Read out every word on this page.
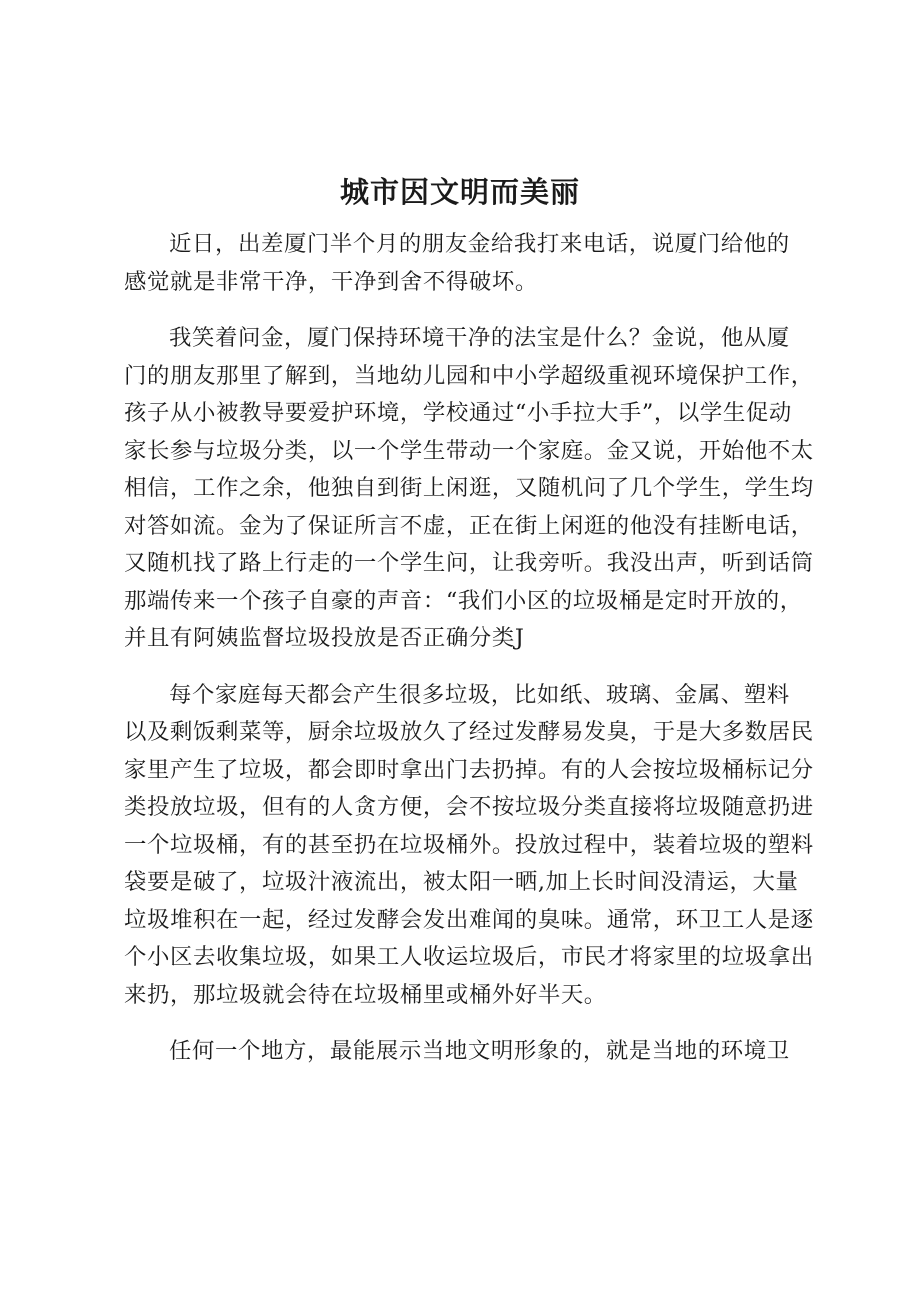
城市因文明而美丽

近日，出差厦门半个月的朋友金给我打来电话，说厦门给他的
感觉就是非常干净，干净到舍不得破坏。

我笑着问金，厦门保持环境干净的法宝是什么？金说，他从厦
门的朋友那里了解到，当地幼儿园和中小学超级重视环境保护工作，
孩子从小被教导要爱护环境，学校通过“小手拉大手”，以学生促动
家长参与垃圾分类，以一个学生带动一个家庭。金又说，开始他不太
相信，工作之余，他独自到街上闲逛，又随机问了几个学生，学生均
对答如流。金为了保证所言不虚，正在街上闲逛的他没有挂断电话，
又随机找了路上行走的一个学生问，让我旁听。我没出声，听到话筒
那端传来一个孩子自豪的声音：“我们小区的垃圾桶是定时开放的，
并且有阿姨监督垃圾投放是否正确分类J

每个家庭每天都会产生很多垃圾，比如纸、玻璃、金属、塑料
以及剩饭剩菜等，厨余垃圾放久了经过发酵易发臭，于是大多数居民
家里产生了垃圾，都会即时拿出门去扔掉。有的人会按垃圾桶标记分
类投放垃圾，但有的人贪方便，会不按垃圾分类直接将垃圾随意扔进
一个垃圾桶，有的甚至扔在垃圾桶外。投放过程中，装着垃圾的塑料
袋要是破了，垃圾汁液流出，被太阳一晒,加上长时间没清运，大量
垃圾堆积在一起，经过发酵会发出难闻的臭味。通常，环卫工人是逐
个小区去收集垃圾，如果工人收运垃圾后，市民才将家里的垃圾拿出
来扔，那垃圾就会待在垃圾桶里或桶外好半天。

任何一个地方，最能展示当地文明形象的，就是当地的环境卫
